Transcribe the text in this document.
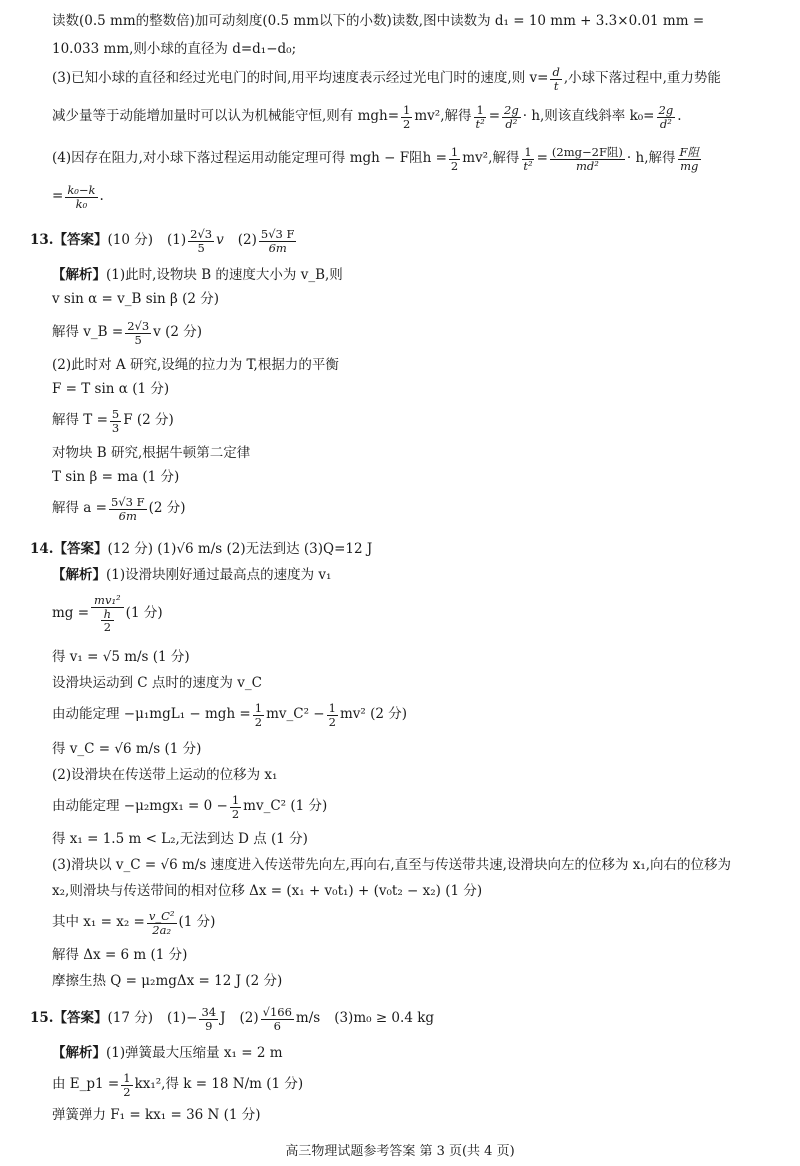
读数(0.5 mm的整数倍)加可动刻度(0.5 mm以下的小数)读数,图中读数为 d₁ = 10 mm + 3.3×0.01 mm =
10.033 mm,则小球的直径为 d=d₁−d₀;
(3)已知小球的直径和经过光电门的时间,用平均速度表示经过光电门时的速度,则 $v= \frac{d}{t}$ ,小球下落过程中,重力势能
减少量等于动能增加量时可以认为机械能守恒,则有 $mgh= \frac{1}{2} mv^2$,解得 $\frac{1}{\text{t²}} = \frac{2g}{\text{d²}} \cdot h$,则该直线斜率 $k_0= \frac{2g}{\text{d²}}$ .
(4)因存在阻力,对小球下落过程运用动能定理可得 mgh − F阻$h = \frac{1}{2} mv^2$,解得 $\frac{1}{\text{t²}} = \frac{\text{(2mg−2F阻)}}{\text{md²}} \cdot h$,解得 $\frac{\text{F阻}}{mg}$
= $\frac{\text{k₀−k}}{\text{k₀}}$ .
13. 【答案】 (10 分) $(1) \frac{2√3}{5}$ v $(2) \frac{5√3 F}{6m}$
【解析】 (1)此时,设物块 B 的速度大小为 v_B,则
v sin α = v_B sin β (2 分)
解得 v_B = $\frac{2√3}{5}$ v (2 分)
(2)此时对 A 研究,设绳的拉力为 T,根据力的平衡
F = T sin α (1 分)
解得 $T = \frac{5}{3}$ F (2 分)
对物块 B 研究,根据牛顿第二定律
T sin β = ma (1 分)
解得 $a = \frac{5√3 F}{6m} (2$ 分)
14. 【答案】 (12 分) (1)√6 m/s (2)无法到达 (3)Q=12 J
【解析】 (1)设滑块刚好通过最高点的速度为 v₁
mg = $\frac{\text{mv₁²}}{\frac{h}{2}} (1$ 分)
得 v₁ = √5 m/s (1 分)
设滑块运动到 C 点时的速度为 v_C
由动能定理 −μ₁mgL₁ − mgh = $\frac{1}{2}$ mv_C² − $\frac{1}{2} mv^2$ (2 分)
得 v_C = √6 m/s (1 分)
(2)设滑块在传送带上运动的位移为 x₁
由动能定理 $-\mu_2mgx_1 = 0 - \frac{1}{2}$ mv_C² (1 分)
得 x₁ = 1.5 m < L₂,无法到达 D 点 (1 分)
(3)滑块以 v_C = √6 m/s 速度进入传送带先向左,再向右,直至与传送带共速,设滑块向左的位移为 x₁,向右的位移为
x₂,则滑块与传送带间的相对位移 Δx = (x₁ + v₀t₁) + (v₀t₂ − x₂) (1 分)
其中 $x_1 = x_2 = \frac{\text{v\_C²}}{\text{2a₂}} (1$ 分)
解得 Δx = 6 m (1 分)
摩擦生热 Q = μ₂mgΔx = 12 J (2 分)
15. 【答案】 (17 分) $(1)- \frac{34}{9}$ J $(2) \frac{√166}{6} m/s$ (3)m₀ ≥ 0.4 kg
【解析】 (1)弹簧最大压缩量 x₁ = 2 m
由 E_p1 = $\frac{1}{2} kx_1^2$,得 k = 18 N/m (1 分)
弹簧弹力 F₁ = kx₁ = 36 N (1 分)
高三物理试题参考答案 第 3 页(共 4 页)
